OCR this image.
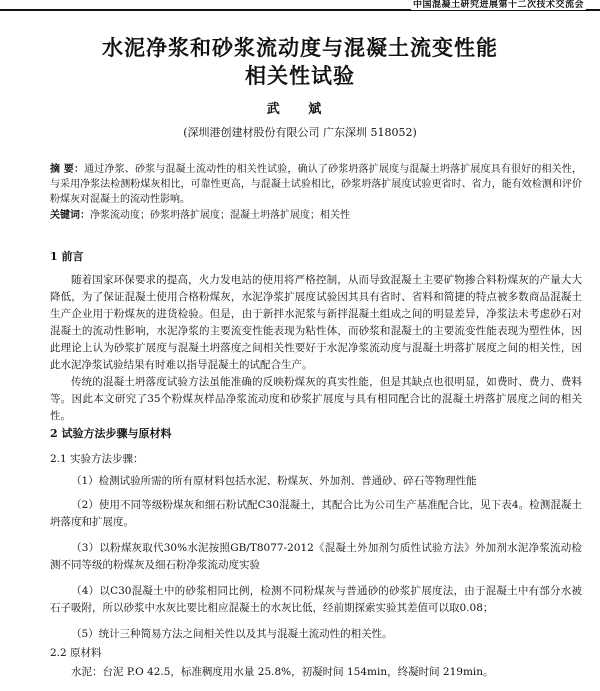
中国混凝土研究进展第十二次技术交流会
水泥净浆和砂浆流动度与混凝土流变性能
相关性试验
武 斌
(深圳港创建材股份有限公司 广东深圳 518052)
摘 要：通过净浆、砂浆与混凝土流动性的相关性试验，确认了砂浆坍落扩展度与混凝土坍落扩展度具有很好的相关性，与采用净浆法检测粉煤灰相比，可靠性更高，与混凝土试验相比，砂浆坍落扩展度试验更省时、省力，能有效检测和评价粉煤灰对混凝土的流动性影响。
关键词：净浆流动度；砂浆坍落扩展度；混凝土坍落扩展度；相关性
1 前言
随着国家环保要求的提高，火力发电站的使用将严格控制，从而导致混凝土主要矿物掺合料粉煤灰的产量大大降低，为了保证混凝土使用合格粉煤灰，水泥净浆扩展度试验因其具有省时、省料和简捷的特点被多数商品混凝土生产企业用于粉煤灰的进货检验。但是，由于新拌水泥浆与新拌混凝土组成之间的明显差异，净浆法未考虑砂石对混凝土的流动性影响，水泥净浆的主要流变性能表现为粘性体，而砂浆和混凝土的主要流变性能表现为塑性体，因此理论上认为砂浆扩展度与混凝土坍落度之间相关性要好于水泥净浆流动度与混凝土坍落扩展度之间的相关性，因此水泥净浆试验结果有时难以指导混凝土的试配合生产。
传统的混凝土坍落度试验方法虽能准确的反映粉煤灰的真实性能，但是其缺点也很明显，如费时、费力、费料等。因此本文研究了35个粉煤灰样品净浆流动度和砂浆扩展度与具有相同配合比的混凝土坍落扩展度之间的相关性。
2 试验方法步骤与原材料
2.1 实验方法步骤：
（1）检测试验所需的所有原材料包括水泥、粉煤灰、外加剂、普通砂、碎石等物理性能
（2）使用不同等级粉煤灰和细石粉试配C30混凝土，其配合比为公司生产基准配合比，见下表4。检测混凝土坍落度和扩展度。
（3）以粉煤灰取代30%水泥按照GB/T8077-2012《混凝土外加剂匀质性试验方法》外加剂水泥净浆流动检测不同等级的粉煤灰及细石粉净浆流动度实验
（4）以C30混凝土中的砂浆相同比例，检测不同粉煤灰与普通砂的砂浆扩展度法，由于混凝土中有部分水被石子吸附，所以砂浆中水灰比要比相应混凝土的水灰比低，经前期探索实验其差值可以取0.08；
（5）统计三种简易方法之间相关性以及其与混凝土流动性的相关性。
2.2 原材料
水泥：台泥 P.O 42.5，标准稠度用水量 25.8%，初凝时间 154min，终凝时间 219min。
